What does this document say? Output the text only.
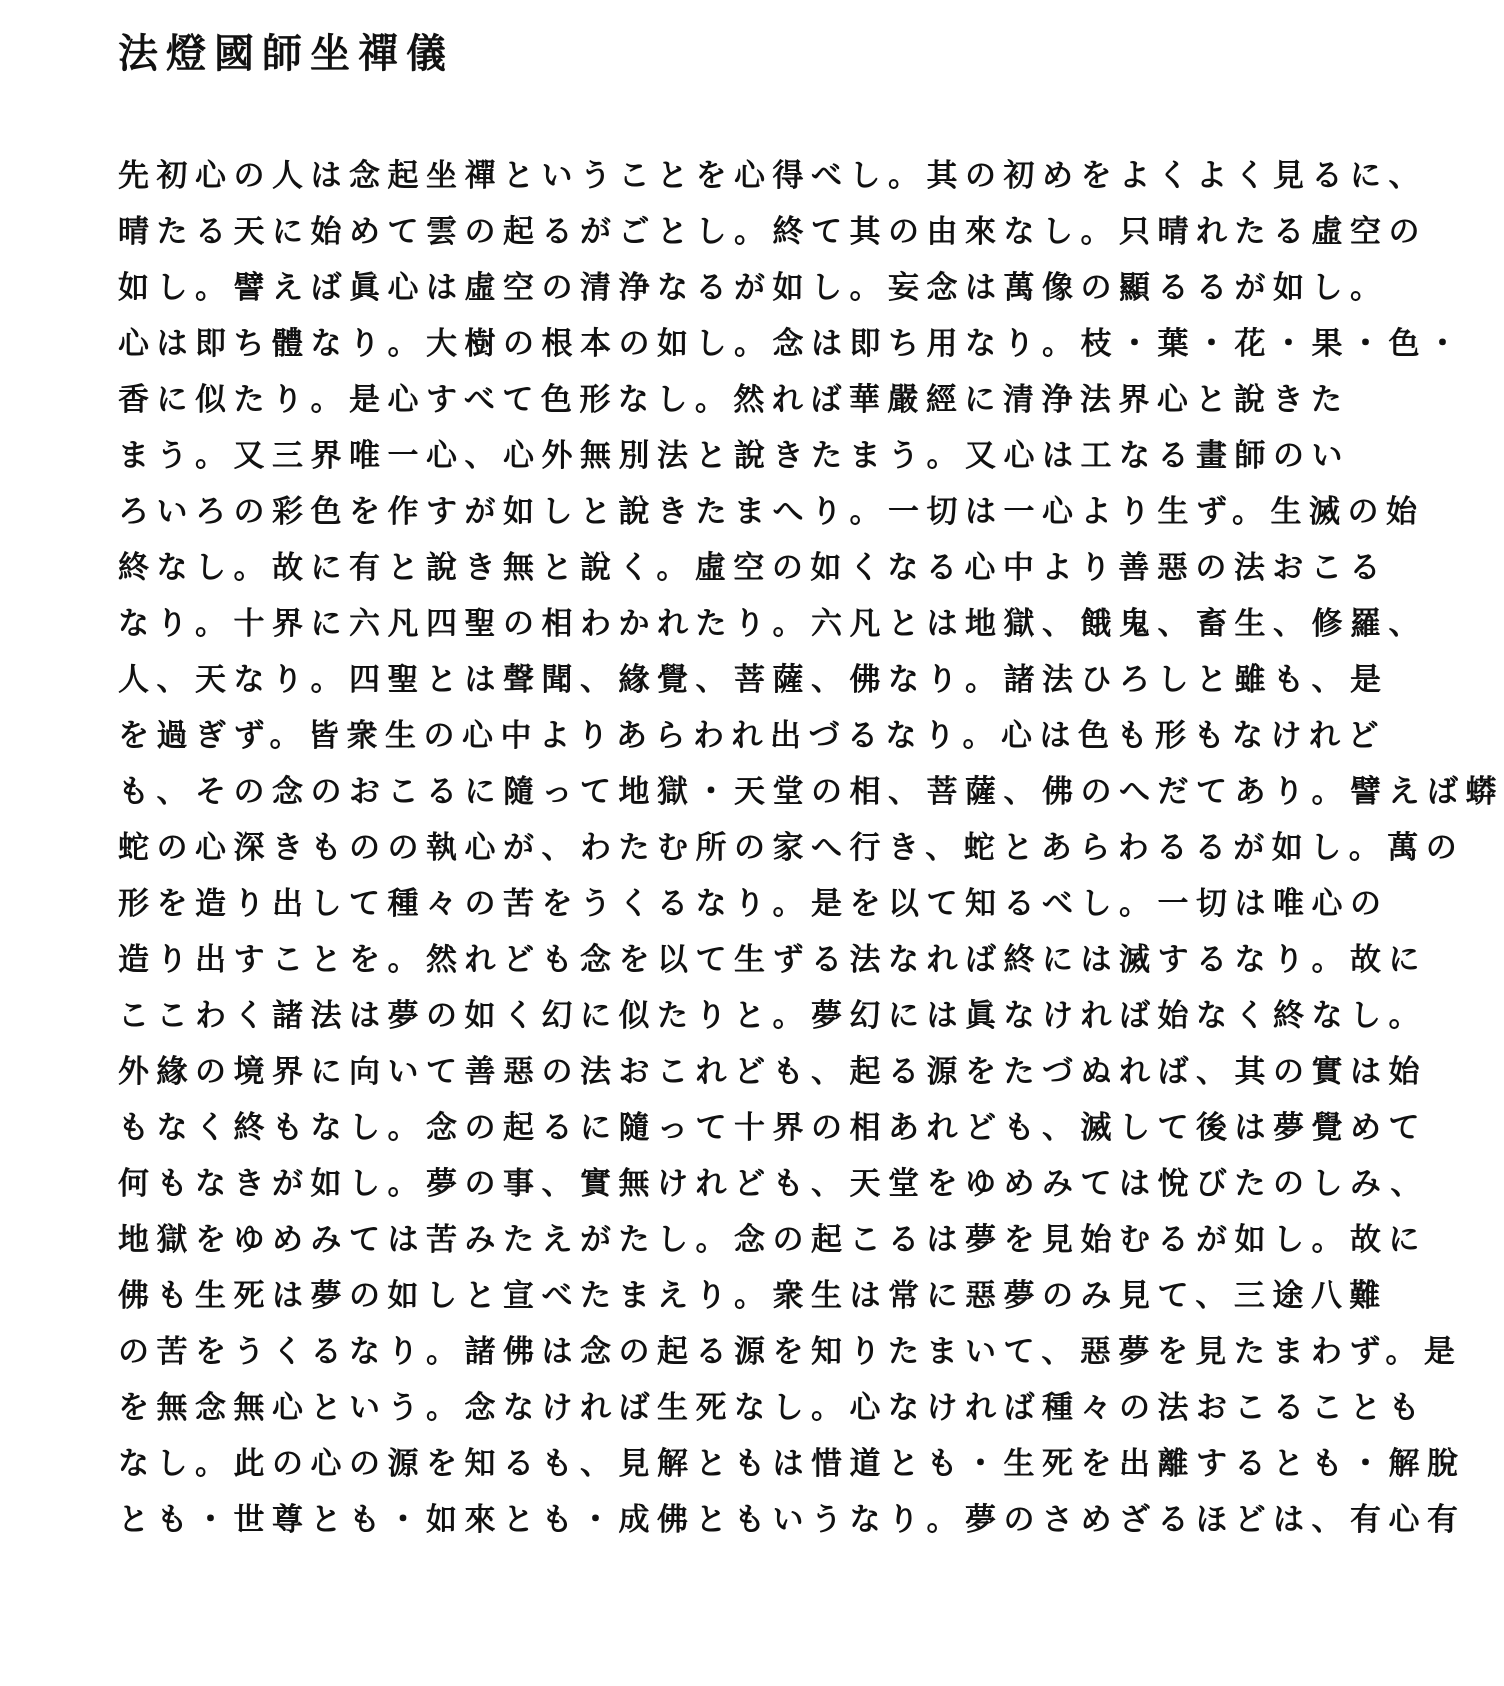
法燈國師坐禪儀
先初心の人は念起坐禪ということを心得べし。其の初めをよくよく見るに、
晴たる天に始めて雲の起るがごとし。終て其の由來なし。只晴れたる虛空の
如し。譬えば眞心は虛空の清浄なるが如し。妄念は萬像の顯るるが如し。
心は即ち體なり。大樹の根本の如し。念は即ち用なり。枝・葉・花・果・色・
香に似たり。是心すべて色形なし。然れば華嚴經に清浄法界心と說きた
まう。又三界唯一心、心外無別法と說きたまう。又心は工なる畫師のい
ろいろの彩色を作すが如しと說きたまへり。一切は一心より生ず。生滅の始
終なし。故に有と說き無と說く。虛空の如くなる心中より善惡の法おこる
なり。十界に六凡四聖の相わかれたり。六凡とは地獄、餓鬼、畜生、修羅、
人、天なり。四聖とは聲聞、緣覺、菩薩、佛なり。諸法ひろしと雖も、是
を過ぎず。皆衆生の心中よりあらわれ出づるなり。心は色も形もなけれど
も、その念のおこるに隨って地獄・天堂の相、菩薩、佛のへだてあり。譬えば蟒
蛇の心深きものの執心が、わたむ所の家へ行き、蛇とあらわるるが如し。萬の
形を造り出して種々の苦をうくるなり。是を以て知るべし。一切は唯心の
造り出すことを。然れども念を以て生ずる法なれば終には滅するなり。故に
ここわく諸法は夢の如く幻に似たりと。夢幻には眞なければ始なく終なし。
外緣の境界に向いて善惡の法おこれども、起る源をたづぬれば、其の實は始
もなく終もなし。念の起るに隨って十界の相あれども、滅して後は夢覺めて
何もなきが如し。夢の事、實無けれども、天堂をゆめみては悅びたのしみ、
地獄をゆめみては苦みたえがたし。念の起こるは夢を見始むるが如し。故に
佛も生死は夢の如しと宣べたまえり。衆生は常に惡夢のみ見て、三途八難
の苦をうくるなり。諸佛は念の起る源を知りたまいて、惡夢を見たまわず。是
を無念無心という。念なければ生死なし。心なければ種々の法おこることも
なし。此の心の源を知るも、見解ともは惜道とも・生死を出離するとも・解脫
とも・世尊とも・如來とも・成佛ともいうなり。夢のさめざるほどは、有心有
